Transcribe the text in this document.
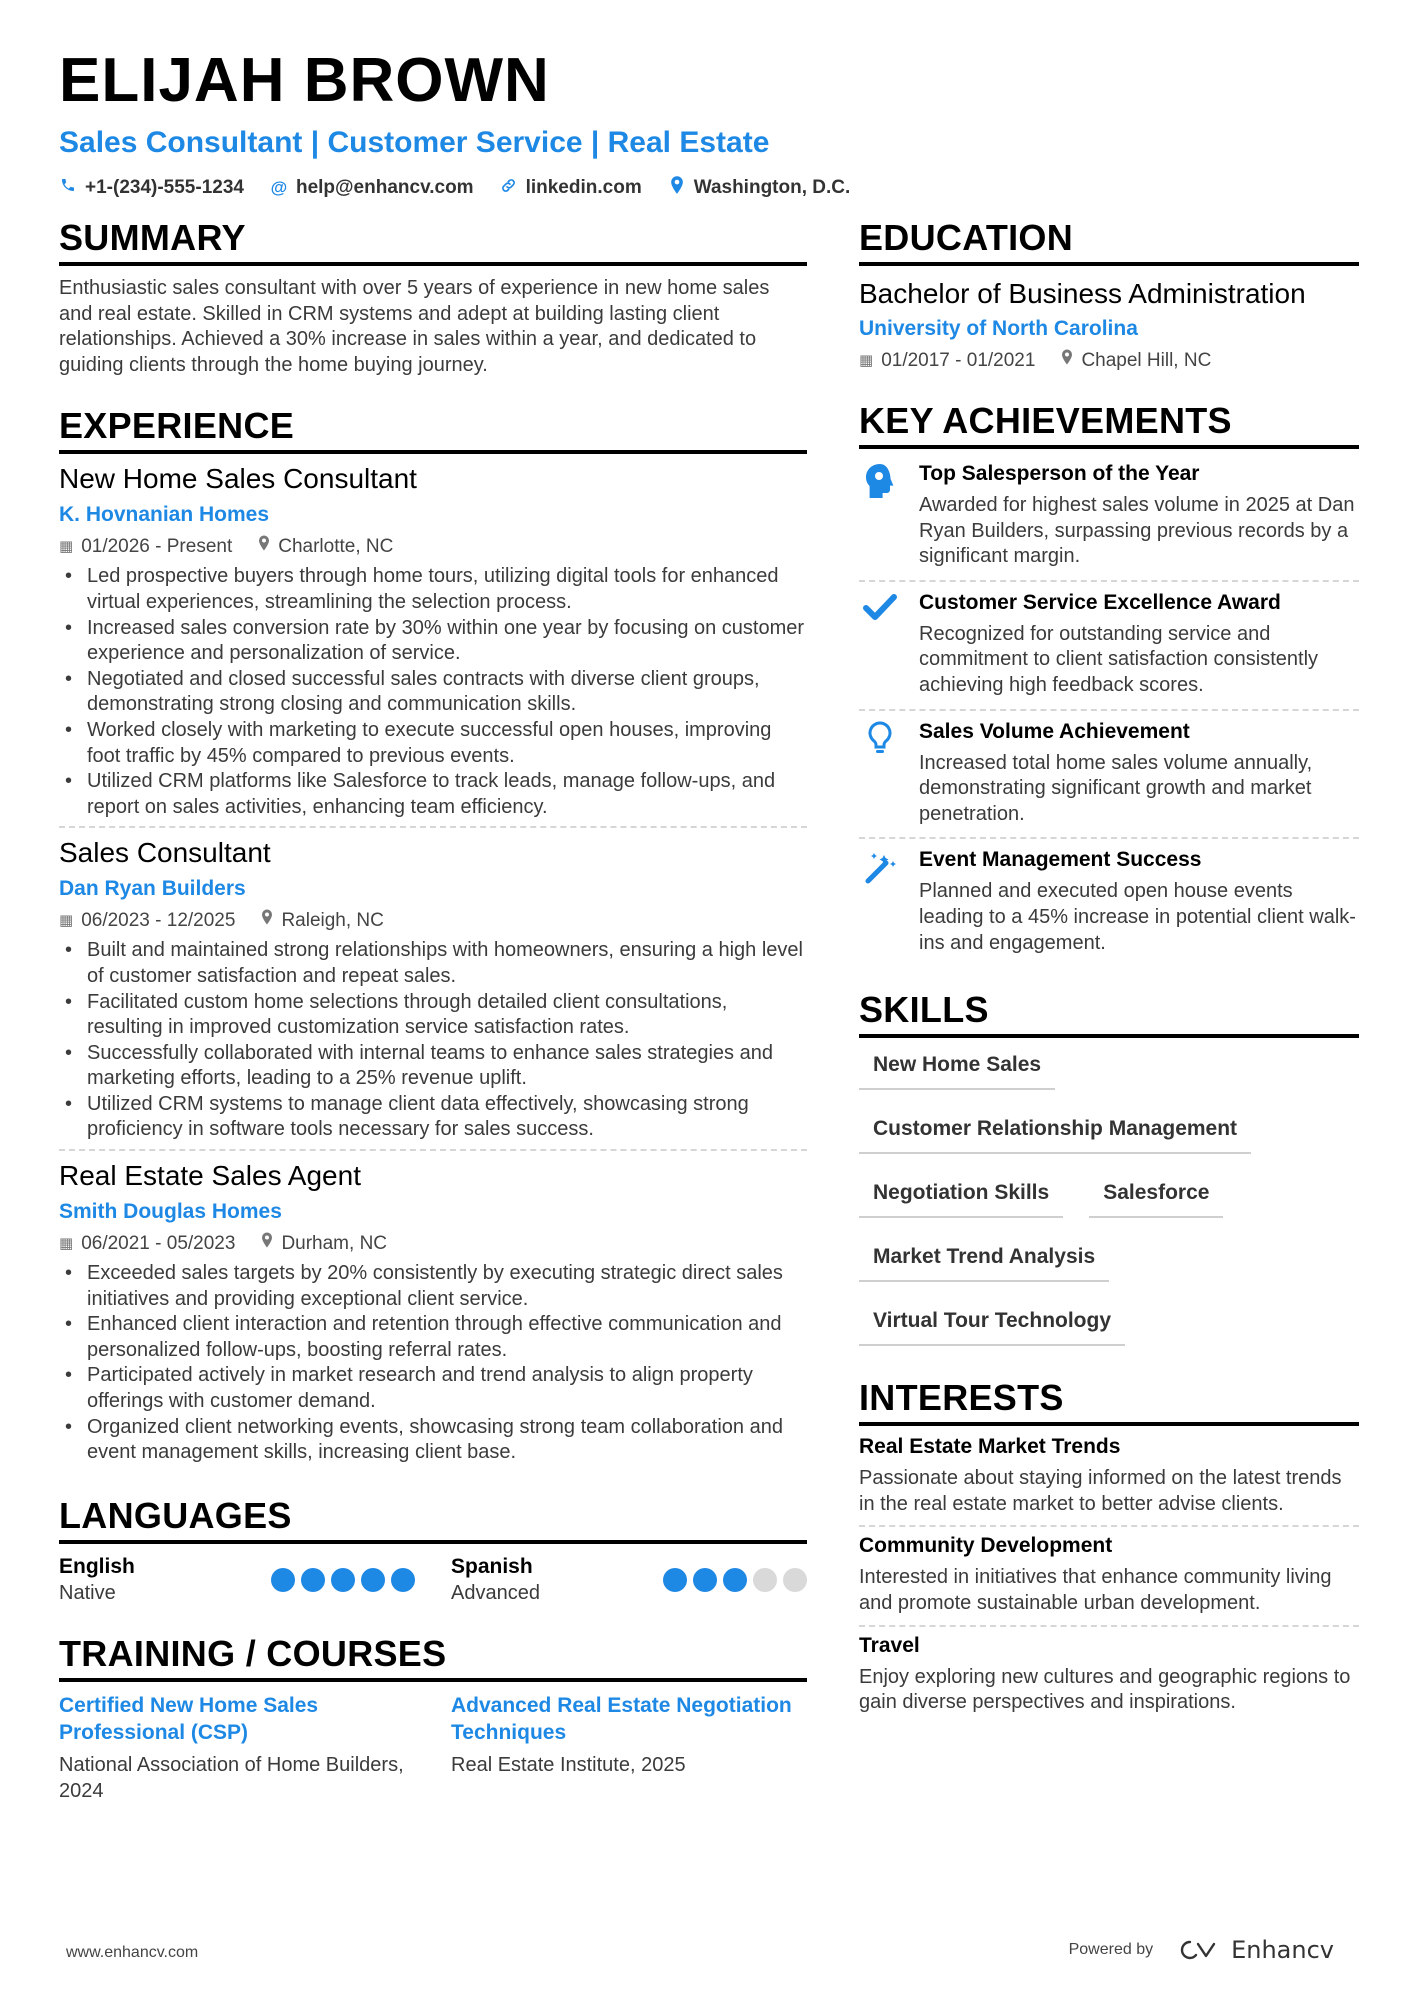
ELIJAH BROWN
Sales Consultant | Customer Service | Real Estate
+1-(234)-555-1234 @ help@enhancv.com	linkedin.com	Washington, D.C.
SUMMARY
Enthusiastic sales consultant with over 5 years of experience in new home sales and real estate. Skilled in CRM systems and adept at building lasting client relationships. Achieved a 30% increase in sales within a year, and dedicated to guiding clients through the home buying journey.
EXPERIENCE
New Home Sales Consultant
K. Hovnanian Homes
▦ 01/2026 - Present Charlotte, NC
• Led prospective buyers through home tours, utilizing digital tools for enhanced virtual experiences, streamlining the selection process.
• Increased sales conversion rate by 30% within one year by focusing on customer experience and personalization of service.
• Negotiated and closed successful sales contracts with diverse client groups, demonstrating strong closing and communication skills.
• Worked closely with marketing to execute successful open houses, improving foot traffic by 45% compared to previous events.
• Utilized CRM platforms like Salesforce to track leads, manage follow-ups, and report on sales activities, enhancing team efficiency.
Sales Consultant
Dan Ryan Builders
▦ 06/2023 - 12/2025 Raleigh, NC
• Built and maintained strong relationships with homeowners, ensuring a high level of customer satisfaction and repeat sales.
• Facilitated custom home selections through detailed client consultations, resulting in improved customization service satisfaction rates.
• Successfully collaborated with internal teams to enhance sales strategies and marketing efforts, leading to a 25% revenue uplift.
• Utilized CRM systems to manage client data effectively, showcasing strong proficiency in software tools necessary for sales success.
Real Estate Sales Agent
Smith Douglas Homes
▦ 06/2021 - 05/2023 Durham, NC
• Exceeded sales targets by 20% consistently by executing strategic direct sales initiatives and providing exceptional client service.
• Enhanced client interaction and retention through effective communication and personalized follow-ups, boosting referral rates.
• Participated actively in market research and trend analysis to align property offerings with customer demand.
• Organized client networking events, showcasing strong team collaboration and event management skills, increasing client base.
LANGUAGES
English
Native
Spanish
Advanced
TRAINING / COURSES
Certified New Home Sales Professional (CSP)
National Association of Home Builders, 2024
Advanced Real Estate Negotiation Techniques
Real Estate Institute, 2025
EDUCATION
Bachelor of Business Administration
University of North Carolina
▦ 01/2017 - 01/2021 Chapel Hill, NC
KEY ACHIEVEMENTS
Top Salesperson of the Year
Awarded for highest sales volume in 2025 at Dan Ryan Builders, surpassing previous records by a significant margin.
Customer Service Excellence Award
Recognized for outstanding service and commitment to client satisfaction consistently achieving high feedback scores.
Sales Volume Achievement
Increased total home sales volume annually, demonstrating significant growth and market penetration.
Event Management Success
Planned and executed open house events leading to a 45% increase in potential client walk-ins and engagement.
SKILLS
New Home Sales
Customer Relationship Management
Negotiation Skills	Salesforce
Market Trend Analysis
Virtual Tour Technology
INTERESTS
Real Estate Market Trends
Passionate about staying informed on the latest trends in the real estate market to better advise clients.
Community Development
Interested in initiatives that enhance community living and promote sustainable urban development.
Travel
Enjoy exploring new cultures and geographic regions to gain diverse perspectives and inspirations.
www.enhancv.com	Powered by	Enhancv
